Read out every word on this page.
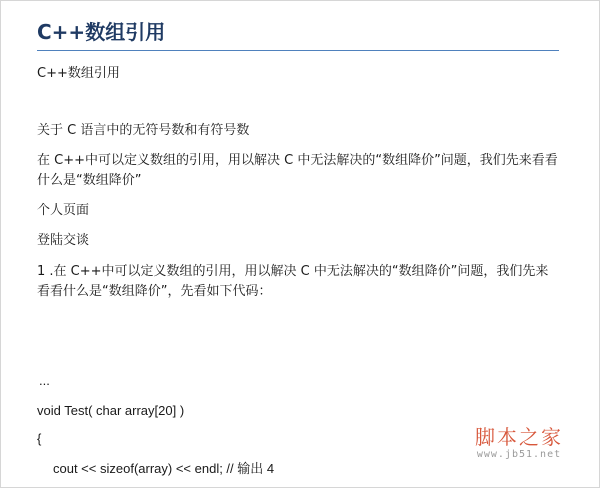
C++数组引用
C++数组引用
关于 C 语言中的无符号数和有符号数
在 C++中可以定义数组的引用，用以解决 C 中无法解决的“数组降价”问题，我们先来看看什么是“数组降价”
个人页面
登陆交谈
1 .在 C++中可以定义数组的引用，用以解决 C 中无法解决的“数组降价”问题，我们先来看看什么是“数组降价”，先看如下代码：
...
void Test( char array[20] )
{
cout << sizeof(array) << endl; // 输出 4
脚本之家
www.jb51.net
